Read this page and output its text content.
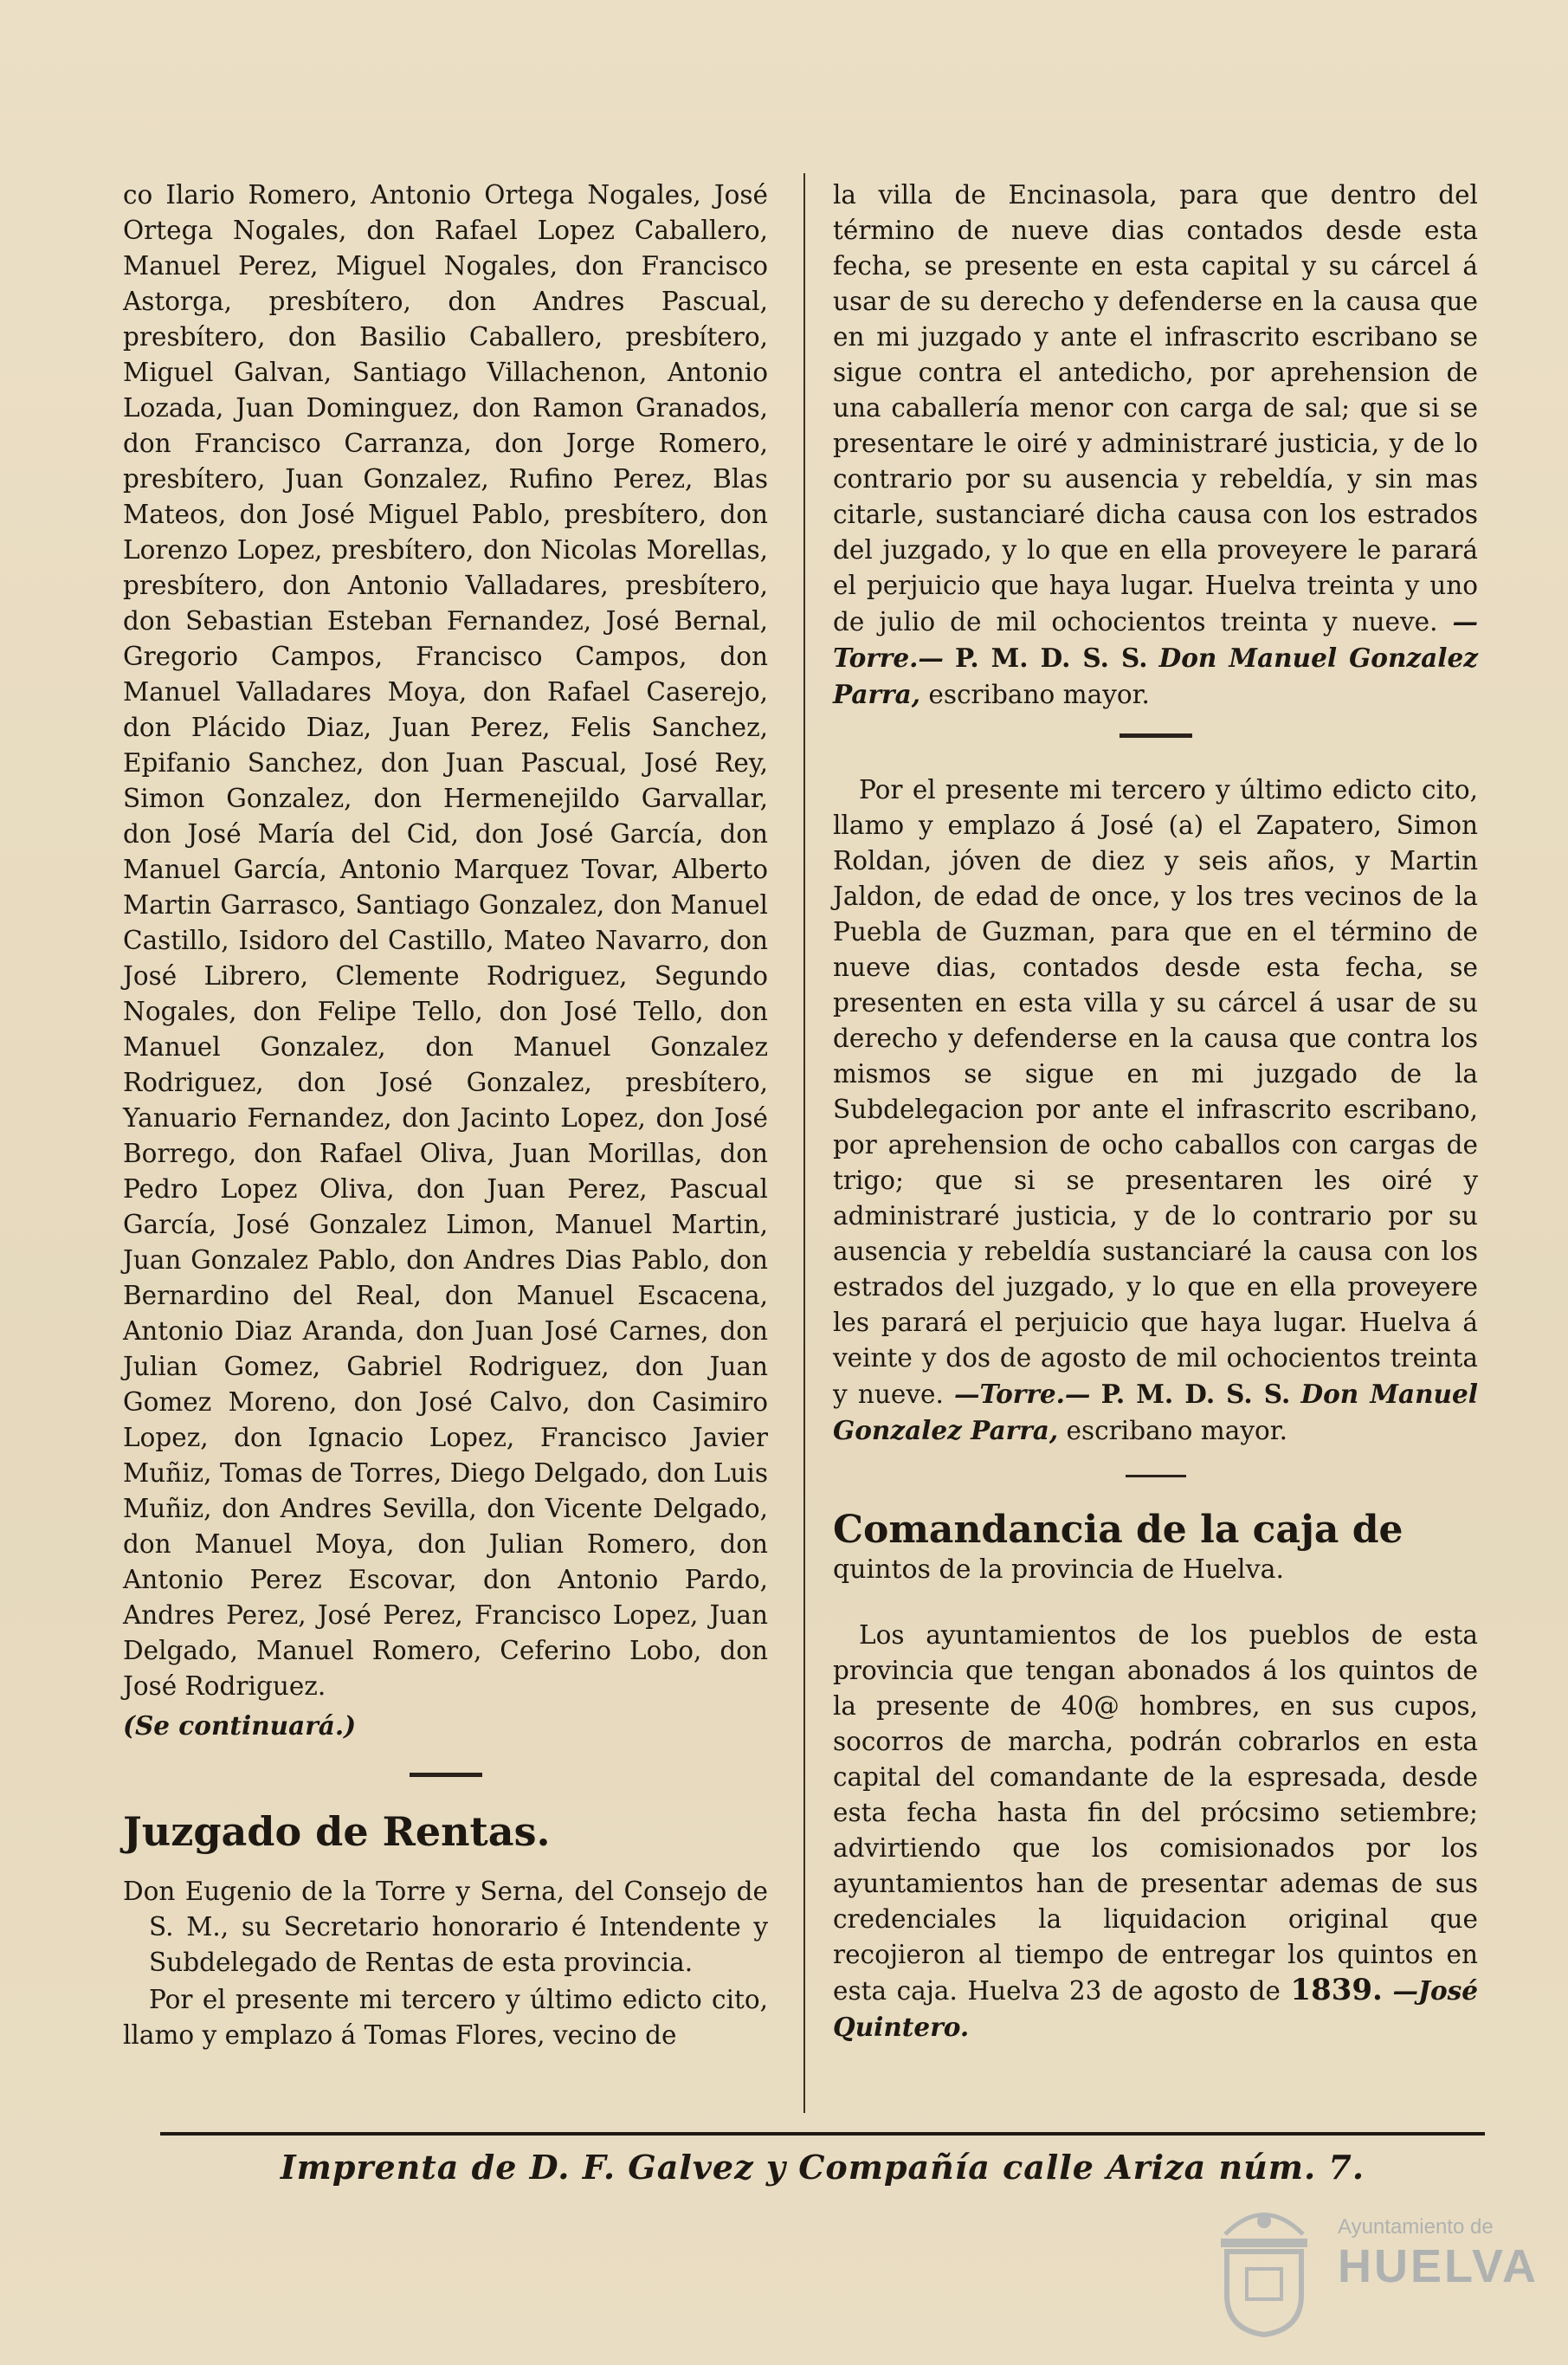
co Ilario Romero, Antonio Ortega Nogales, José Ortega Nogales, don Rafael Lopez Caballero, Manuel Perez, Miguel Nogales, don Francisco Astorga, presbítero, don Andres Pascual, presbítero, don Basilio Caballero, presbítero, Miguel Galvan, Santiago Villachenon, Antonio Lozada, Juan Dominguez, don Ramon Granados, don Francisco Carranza, don Jorge Romero, presbítero, Juan Gonzalez, Rufino Perez, Blas Mateos, don José Miguel Pablo, presbítero, don Lorenzo Lopez, presbítero, don Nicolas Morellas, presbítero, don Antonio Valladares, presbítero, don Sebastian Esteban Fernandez, José Bernal, Gregorio Campos, Francisco Campos, don Manuel Valladares Moya, don Rafael Caserejo, don Plácido Diaz, Juan Perez, Felis Sanchez, Epifanio Sanchez, don Juan Pascual, José Rey, Simon Gonzalez, don Hermenejildo Garvallar, don José María del Cid, don José García, don Manuel García, Antonio Marquez Tovar, Alberto Martin Garrasco, Santiago Gonzalez, don Manuel Castillo, Isidoro del Castillo, Mateo Navarro, don José Librero, Clemente Rodriguez, Segundo Nogales, don Felipe Tello, don José Tello, don Manuel Gonzalez, don Manuel Gonzalez Rodriguez, don José Gonzalez, presbítero, Yanuario Fernandez, don Jacinto Lopez, don José Borrego, don Rafael Oliva, Juan Morillas, don Pedro Lopez Oliva, don Juan Perez, Pascual García, José Gonzalez Limon, Manuel Martin, Juan Gonzalez Pablo, don Andres Dias Pablo, don Bernardino del Real, don Manuel Escacena, Antonio Diaz Aranda, don Juan José Carnes, don Julian Gomez, Gabriel Rodriguez, don Juan Gomez Moreno, don José Calvo, don Casimiro Lopez, don Ignacio Lopez, Francisco Javier Muñiz, Tomas de Torres, Diego Delgado, don Luis Muñiz, don Andres Sevilla, don Vicente Delgado, don Manuel Moya, don Julian Romero, don Antonio Perez Escovar, don Antonio Pardo, Andres Perez, José Perez, Francisco Lopez, Juan Delgado, Manuel Romero, Ceferino Lobo, don José Rodriguez.

(Se continuará.)

Juzgado de Rentas.

Don Eugenio de la Torre y Serna, del Consejo de S. M., su Secretario honorario é Intendente y Subdelegado de Rentas de esta provincia.

Por el presente mi tercero y último edicto cito, llamo y emplazo á Tomas Flores, vecino de

la villa de Encinasola, para que dentro del término de nueve dias contados desde esta fecha, se presente en esta capital y su cárcel á usar de su derecho y defenderse en la causa que en mi juzgado y ante el infrascrito escribano se sigue contra el antedicho, por aprehension de una caballería menor con carga de sal; que si se presentare le oiré y administraré justicia, y de lo contrario por su ausencia y rebeldía, y sin mas citarle, sustanciaré dicha causa con los estrados del juzgado, y lo que en ella proveyere le parará el perjuicio que haya lugar. Huelva treinta y uno de julio de mil ochocientos treinta y nueve. —Torre.— P. M. D. S. S. Don Manuel Gonzalez Parra, escribano mayor.

Por el presente mi tercero y último edicto cito, llamo y emplazo á José (a) el Zapatero, Simon Roldan, jóven de diez y seis años, y Martin Jaldon, de edad de once, y los tres vecinos de la Puebla de Guzman, para que en el término de nueve dias, contados desde esta fecha, se presenten en esta villa y su cárcel á usar de su derecho y defenderse en la causa que contra los mismos se sigue en mi juzgado de la Subdelegacion por ante el infrascrito escribano, por aprehension de ocho caballos con cargas de trigo; que si se presentaren les oiré y administraré justicia, y de lo contrario por su ausencia y rebeldía sustanciaré la causa con los estrados del juzgado, y lo que en ella proveyere les parará el perjuicio que haya lugar. Huelva á veinte y dos de agosto de mil ochocientos treinta y nueve. —Torre.— P. M. D. S. S. Don Manuel Gonzalez Parra, escribano mayor.

Comandancia de la caja de

quintos de la provincia de Huelva.

Los ayuntamientos de los pueblos de esta provincia que tengan abonados á los quintos de la presente de 40@ hombres, en sus cupos, socorros de marcha, podrán cobrarlos en esta capital del comandante de la espresada, desde esta fecha hasta fin del prócsimo setiembre; advirtiendo que los comisionados por los ayuntamientos han de presentar ademas de sus credenciales la liquidacion original que recojieron al tiempo de entregar los quintos en esta caja. Huelva 23 de agosto de 1839. —José Quintero.

Imprenta de D. F. Galvez y Compañía calle Ariza núm. 7.
Ayuntamiento de
HUELVA
